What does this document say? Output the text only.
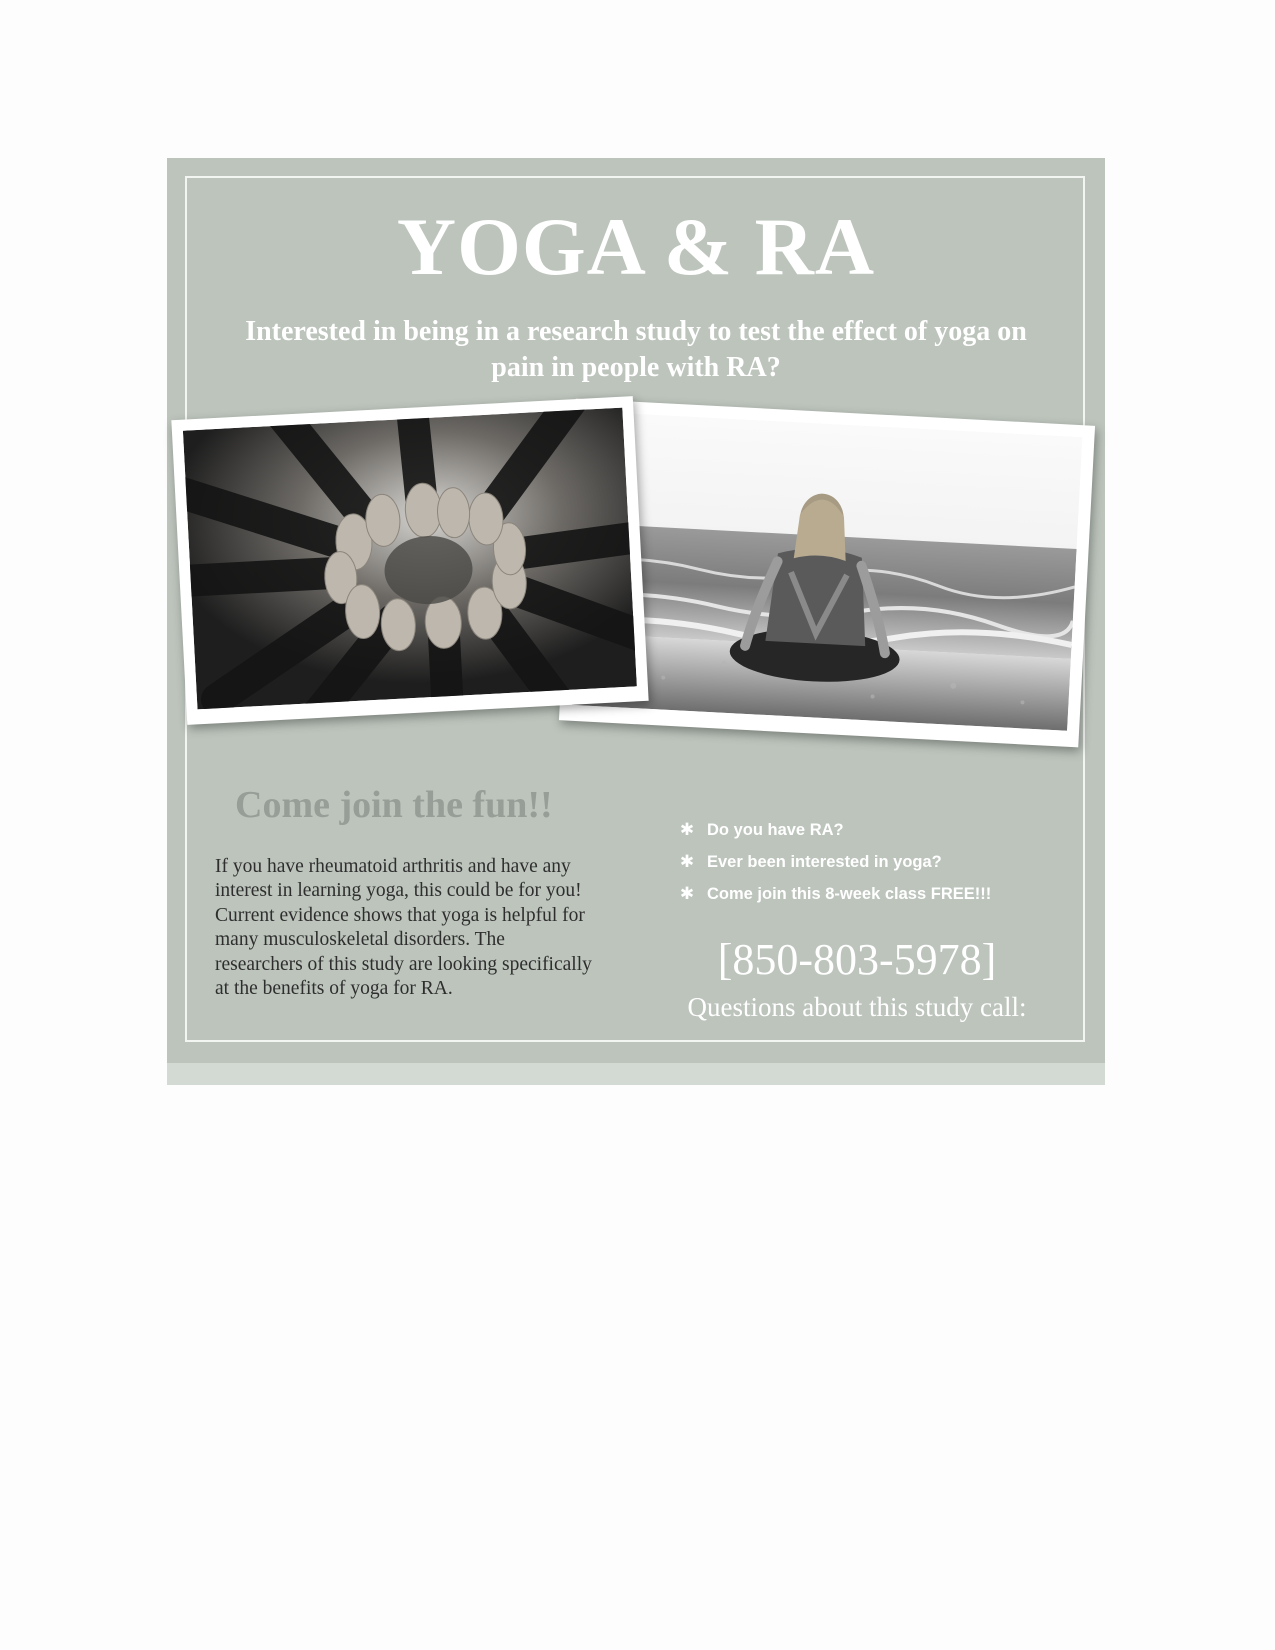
YOGA & RA

Interested in being in a research study to test the effect of yoga on pain in people with RA?

Come join the fun!!

If you have rheumatoid arthritis and have any interest in learning yoga, this could be for you! Current evidence shows that yoga is helpful for many musculoskeletal disorders. The researchers of this study are looking specifically at the benefits of yoga for RA.

✱ Do you have RA?
✱ Ever been interested in yoga?
✱ Come join this 8-week class FREE!!!

[850-803-5978]

Questions about this study call:
